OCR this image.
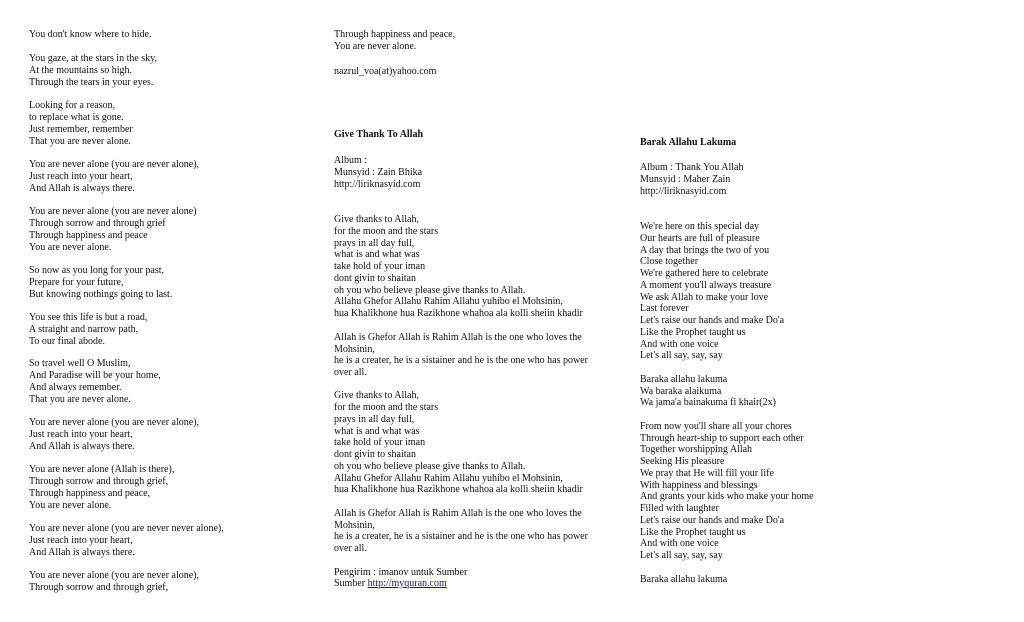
You don't know where to hide.
You gaze, at the stars in the sky,
At the mountains so high.
Through the tears in your eyes.
Looking for a reason,
to replace what is gone.
Just remember, remember
That you are never alone.
You are never alone (you are never alone),
Just reach into your heart,
And Allah is always there.
You are never alone (you are never alone)
Through sorrow and through grief
Through happiness and peace
You are never alone.
So now as you long for your past,
Prepare for your future,
But knowing nothings going to last.
You see this life is but a road,
A straight and narrow path,
To our final abode.
So travel well O Muslim,
And Paradise will be your home,
And always remember.
That you are never alone.
You are never alone (you are never alone),
Just reach into your heart,
And Allah is always there.
You are never alone (Allah is there),
Through sorrow and through grief,
Through happiness and peace,
You are never alone.
You are never alone (you are never never alone),
Just reach into your heart,
And Allah is always there.
You are never alone (you are never alone),
Through sorrow and through grief,
Through happiness and peace,
You are never alone.
nazrul_voa(at)yahoo.com
Give Thank To Allah
Album :
Munsyid : Zain Bhika
http://liriknasyid.com
Give thanks to Allah,
for the moon and the stars
prays in all day full,
what is and what was
take hold of your iman
dont givin to shaitan
oh you who believe please give thanks to Allah.
Allahu Ghefor Allahu Rahim Allahu yuhibo el Mohsinin,
hua Khalikhone hua Razikhone whahoa ala kolli sheiin khadir
Allah is Ghefor Allah is Rahim Allah is the one who loves the
Mohsinin,
he is a creater, he is a sistainer and he is the one who has power
over all.
Give thanks to Allah,
for the moon and the stars
prays in all day full,
what is and what was
take hold of your iman
dont givin to shaitan
oh you who believe please give thanks to Allah.
Allahu Ghefor Allahu Rahim Allahu yuhibo el Mohsinin,
hua Khalikhone hua Razikhone whahoa ala kolli sheiin khadir
Allah is Ghefor Allah is Rahim Allah is the one who loves the
Mohsinin,
he is a creater, he is a sistainer and he is the one who has power
over all.
Pengirim : imanov untuk Sumber
Sumber http://myquran.com
Barak Allahu Lakuma
Album : Thank You Allah
Munsyid : Maher Zain
http://liriknasyid.com
We're here on this special day
Our hearts are full of pleasure
A day that brings the two of you
Close together
We're gathered here to celebrate
A moment you'll always treasure
We ask Allah to make your love
Last forever
Let's raise our hands and make Do'a
Like the Prophet taught us
And with one voice
Let's all say, say, say
Baraka allahu lakuma
Wa baraka alaikuma
Wa jama'a bainakuma fi khair(2x)
From now you'll share all your chores
Through heart-ship to support each other
Together worshipping Allah
Seeking His pleasure
We pray that He will fill your life
With happiness and blessings
And grants your kids who make your home
Filled with laughter
Let's raise our hands and make Do'a
Like the Prophet taught us
And with one voice
Let's all say, say, say
Baraka allahu lakuma
